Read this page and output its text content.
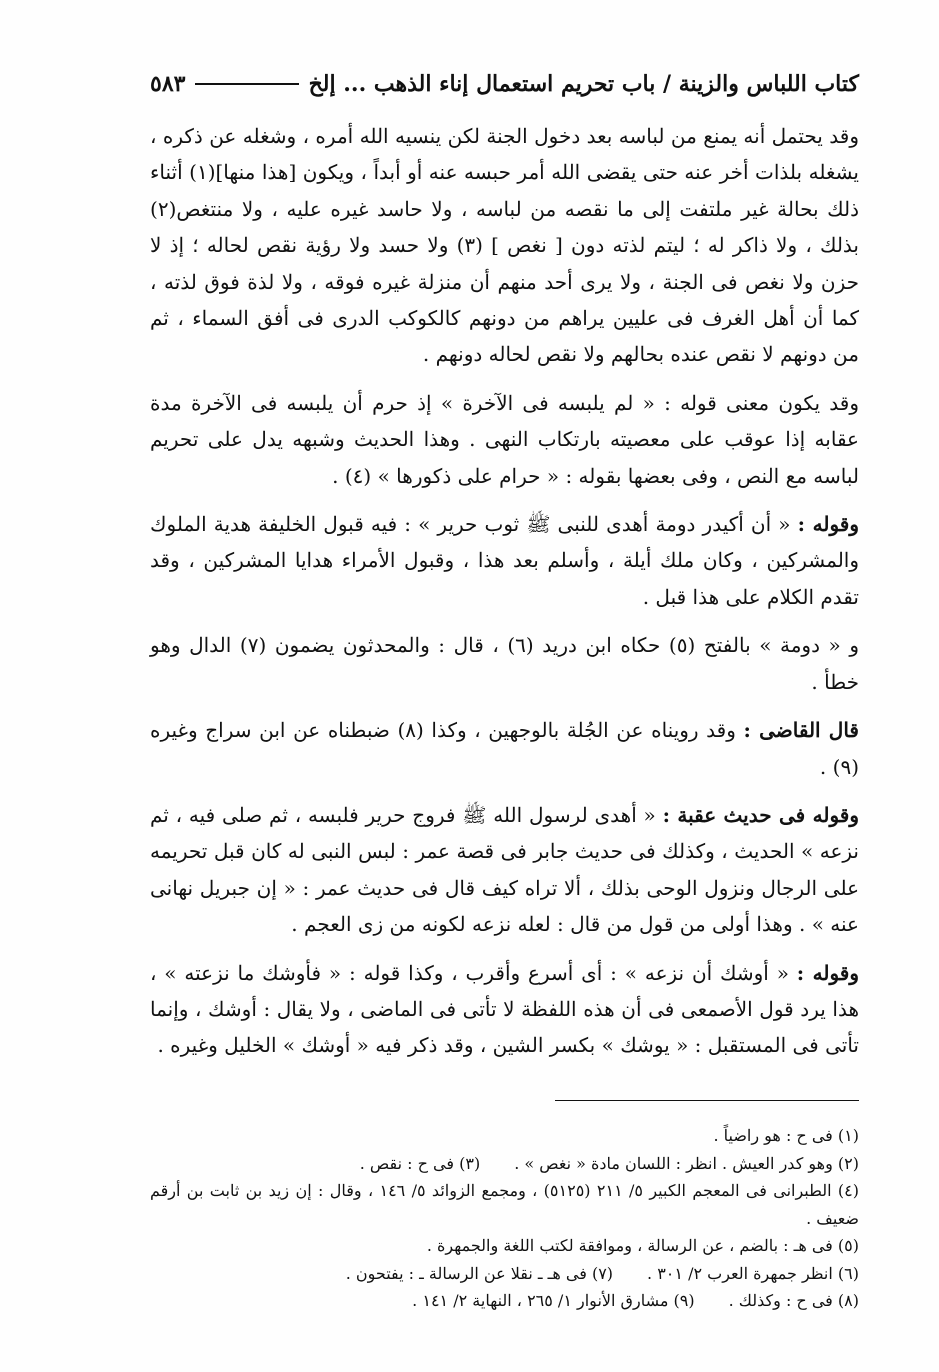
كتاب اللباس والزينة / باب تحريم استعمال إناء الذهب ... إلخ
٥٨٣

وقد يحتمل أنه يمنع من لباسه بعد دخول الجنة لكن ينسيه الله أمره ، وشغله عن ذكره ، يشغله بلذات أخر عنه حتى يقضى الله أمر حبسه عنه أو أبداً ، ويكون [هذا منها](١) أثناء ذلك بحالة غير ملتفت إلى ما نقصه من لباسه ، ولا حاسد غيره عليه ، ولا منتغص(٢) بذلك ، ولا ذاكر له ؛ ليتم لذته دون [ نغص ] (٣) ولا حسد ولا رؤية نقص لحاله ؛ إذ لا حزن ولا نغص فى الجنة ، ولا يرى أحد منهم أن منزلة غيره فوقه ، ولا لذة فوق لذته ، كما أن أهل الغرف فى عليين يراهم من دونهم كالكوكب الدرى فى أفق السماء ، ثم من دونهم لا نقص عنده بحالهم ولا نقص لحاله دونهم .

وقد يكون معنى قوله : « لم يلبسه فى الآخرة » إذ حرم أن يلبسه فى الآخرة مدة عقابه إذا عوقب على معصيته بارتكاب النهى . وهذا الحديث وشبهه يدل على تحريم لباسه مع النص ، وفى بعضها بقوله : « حرام على ذكورها » (٤) .

وقوله : « أن أكيدر دومة أهدى للنبى ﷺ ثوب حرير » : فيه قبول الخليفة هدية الملوك والمشركين ، وكان ملك أيلة ، وأسلم بعد هذا ، وقبول الأمراء هدايا المشركين ، وقد تقدم الكلام على هذا قبل .

و « دومة » بالفتح (٥) حكاه ابن دريد (٦) ، قال : والمحدثون يضمون (٧) الدال وهو خطأ .

قال القاضى : وقد رويناه عن الجُلة بالوجهين ، وكذا (٨) ضبطناه عن ابن سراج وغيره (٩) .

وقوله فى حديث عقبة : « أهدى لرسول الله ﷺ فروج حرير فلبسه ، ثم صلى فيه ، ثم نزعه » الحديث ، وكذلك فى حديث جابر فى قصة عمر : لبس النبى له كان قبل تحريمه على الرجال ونزول الوحى بذلك ، ألا تراه كيف قال فى حديث عمر : « إن جبريل نهانى عنه » . وهذا أولى من قول من قال : لعله نزعه لكونه من زى العجم .

وقوله : « أوشك أن نزعه » : أى أسرع وأقرب ، وكذا قوله : « فأوشك ما نزعته » ، هذا يرد قول الأصمعى فى أن هذه اللفظة لا تأتى فى الماضى ، ولا يقال : أوشك ، وإنما تأتى فى المستقبل : « يوشك » بكسر الشين ، وقد ذكر فيه « أوشك » الخليل وغيره .

(١) فى ح : هو راضياً .
(٢) وهو كدر العيش . انظر : اللسان مادة « نغص » .
(٣) فى ح : نقص .
(٤) الطبرانى فى المعجم الكبير ٥/ ٢١١ (٥١٢٥) ، ومجمع الزوائد ٥/ ١٤٦ ، وقال : إن زيد بن ثابت بن أرقم ضعيف .
(٥) فى هـ : بالضم ، عن الرسالة ، وموافقة لكتب اللغة والجمهرة .
(٦) انظر جمهرة العرب ٢/ ٣٠١ .
(٧) فى هـ ـ نقلا عن الرسالة ـ : يفتحون .
(٨) فى ح : وكذلك .
(٩) مشارق الأنوار ١/ ٢٦٥ ، النهاية ٢/ ١٤١ .
